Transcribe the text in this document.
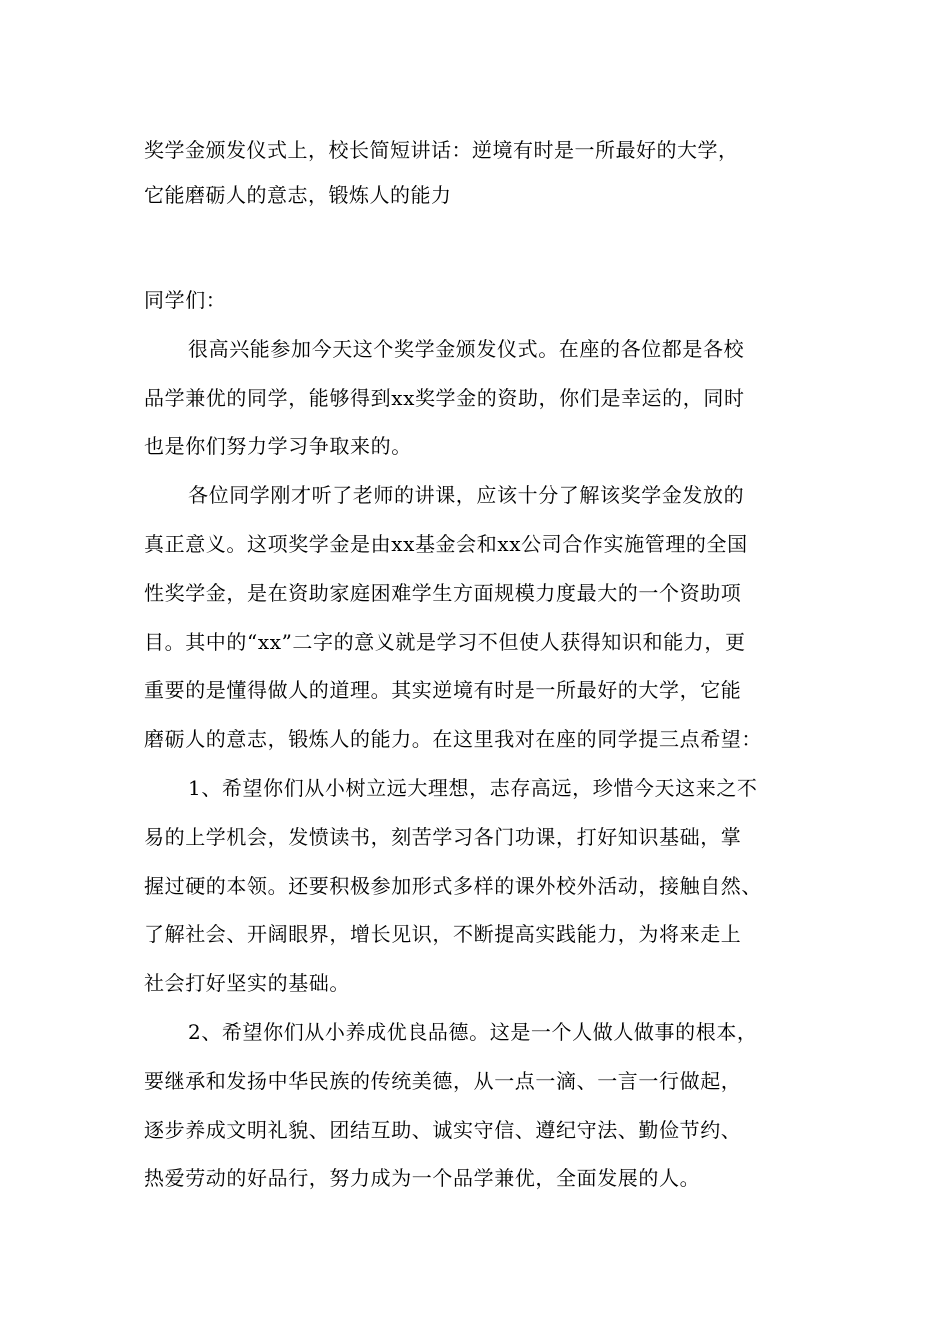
奖学金颁发仪式上，校长简短讲话：逆境有时是一所最好的大学，
它能磨砺人的意志，锻炼人的能力
同学们：
很高兴能参加今天这个奖学金颁发仪式。在座的各位都是各校
品学兼优的同学，能够得到xx奖学金的资助，你们是幸运的，同时
也是你们努力学习争取来的。
各位同学刚才听了老师的讲课，应该十分了解该奖学金发放的
真正意义。这项奖学金是由xx基金会和xx公司合作实施管理的全国
性奖学金，是在资助家庭困难学生方面规模力度最大的一个资助项
目。其中的“xx”二字的意义就是学习不但使人获得知识和能力，更
重要的是懂得做人的道理。其实逆境有时是一所最好的大学，它能
磨砺人的意志，锻炼人的能力。在这里我对在座的同学提三点希望：
1、希望你们从小树立远大理想，志存高远，珍惜今天这来之不
易的上学机会，发愤读书，刻苦学习各门功课，打好知识基础，掌
握过硬的本领。还要积极参加形式多样的课外校外活动，接触自然、
了解社会、开阔眼界，增长见识，不断提高实践能力，为将来走上
社会打好坚实的基础。
2、希望你们从小养成优良品德。这是一个人做人做事的根本，
要继承和发扬中华民族的传统美德，从一点一滴、一言一行做起，
逐步养成文明礼貌、团结互助、诚实守信、遵纪守法、勤俭节约、
热爱劳动的好品行，努力成为一个品学兼优，全面发展的人。
